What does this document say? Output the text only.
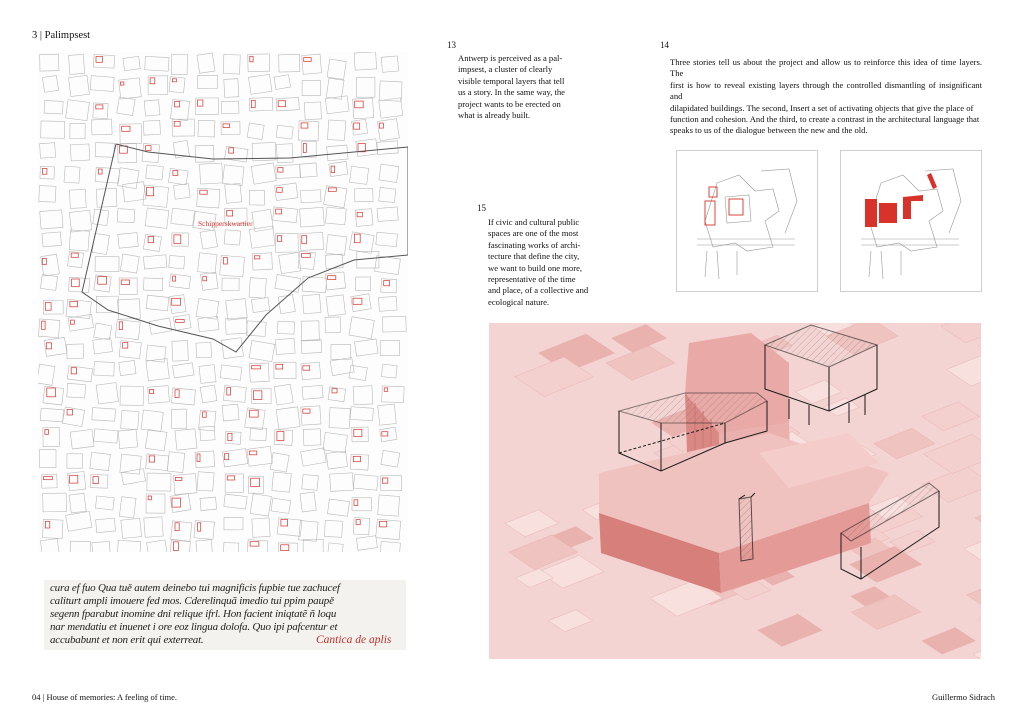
3 | Palimpsest
04 | House of memories: A feeling of time.	Guillermo Sidrach
Schipperskwartier
cura ef fuo Qua tuě autem deinebo tui magnificis fupbie tue zachucef
caliturt ampli imouere fed mos. Cderelinquã imedio tui ppim paupě
segenn fparabut inomine dni relique ifrl. Hon facient iniqtatẽ ñ loqu
nar mendatiu et inuenet i ore eoz lingua dolofa. Quo ipi pafcentur et
accubabunt et non erit qui exterreat.	Cantica de aplis
13
Antwerp is perceived as a pal-
impsest, a cluster of clearly
visible temporal layers that tell
us a story. In the same way, the
project wants to be erected on
what is already built.
14
Three stories tell us about the project and allow us to reinforce this idea of time layers. The
first is how to reveal existing layers through the controlled dismantling of insignificant and
dilapidated buildings. The second, Insert a set of activating objects that give the place of
function and cohesion. And the third, to create a contrast in the architectural language that
speaks to us of the dialogue between the new and the old.
15
If civic and cultural public
spaces are one of the most
fascinating works of archi-
tecture that define the city,
we want to build one more,
representative of the time
and place, of a collective and
ecological nature.
